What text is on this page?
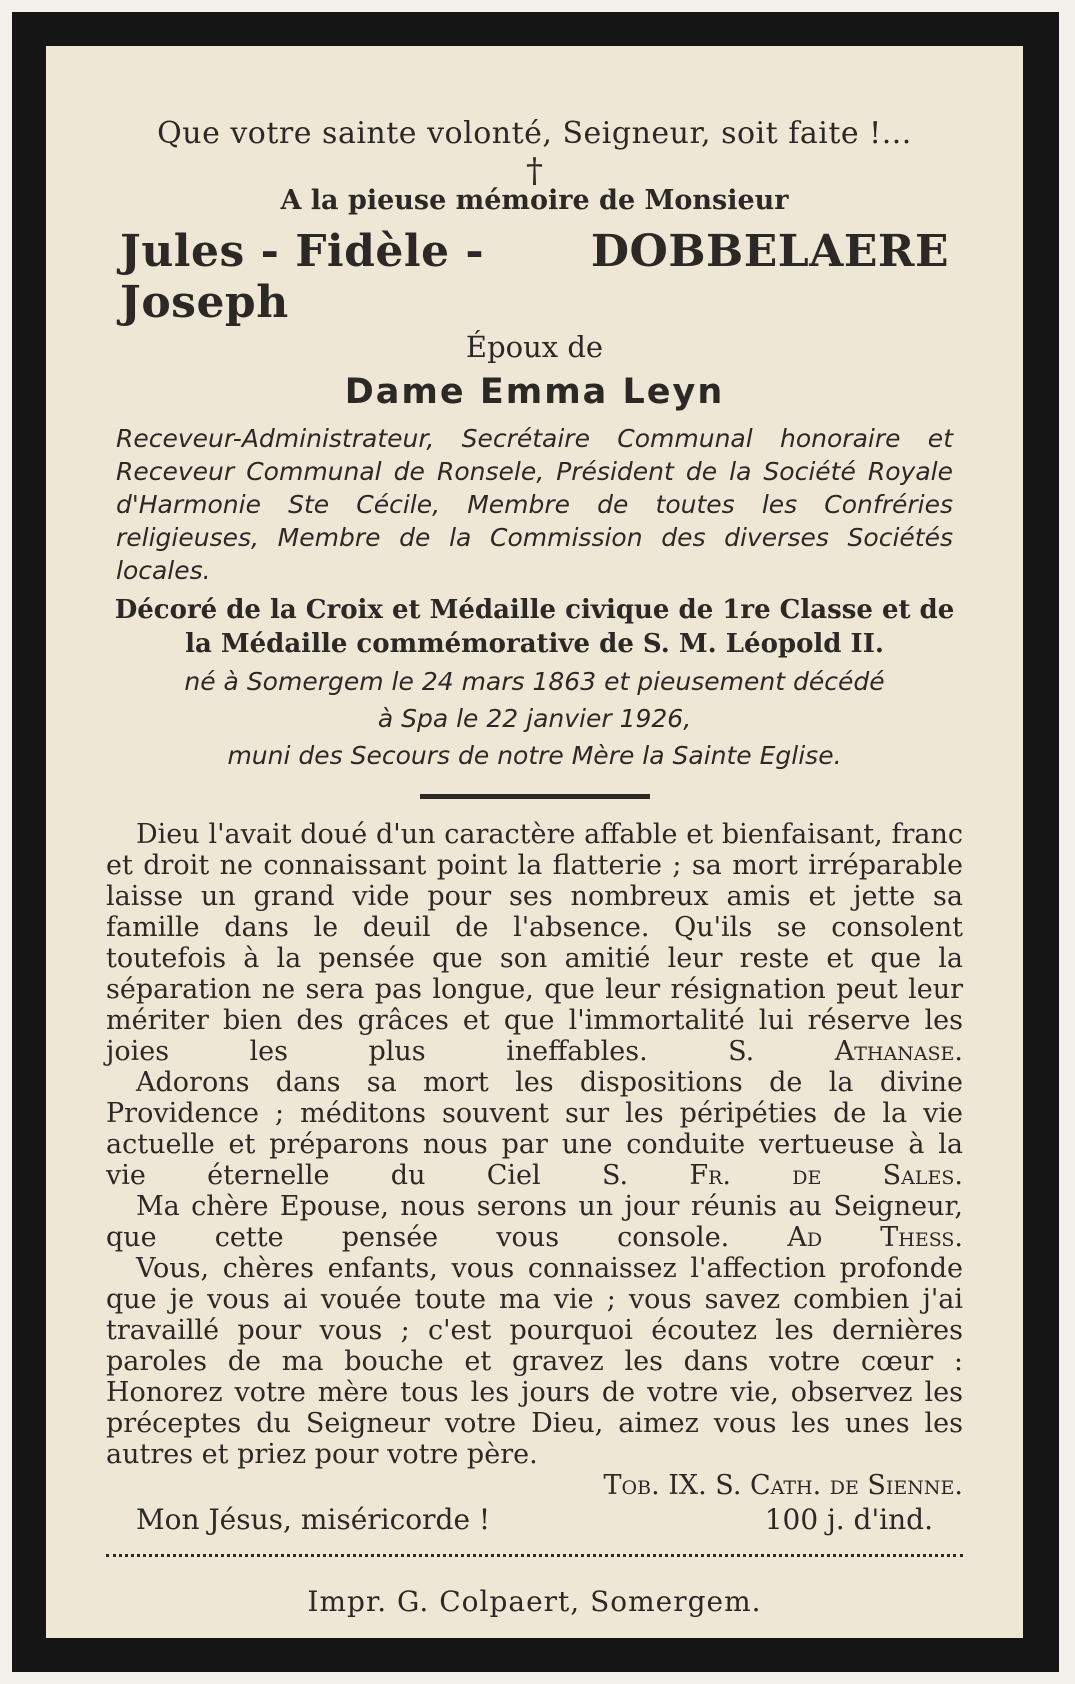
Que votre sainte volonté, Seigneur, soit faite !...

†

A la pieuse mémoire de Monsieur

Jules - Fidèle - Joseph
DOBBELAERE

Époux de

Dame Emma Leyn

Receveur-Administrateur, Secrétaire Communal honoraire et Receveur Communal de Ronsele, Président de la Société Royale d'Harmonie Ste Cécile, Membre de toutes les Confréries religieuses, Membre de la Commission des diverses Sociétés locales.

Décoré de la Croix et Médaille civique de 1re Classe et de la Médaille commémorative de S. M. Léopold II.

né à Somergem le 24 mars 1863 et pieusement décédé

à Spa le 22 janvier 1926,

muni des Secours de notre Mère la Sainte Eglise.

Dieu l'avait doué d'un caractère affable et bienfaisant, franc et droit ne connaissant point la flatterie ; sa mort irréparable laisse un grand vide pour ses nombreux amis et jette sa famille dans le deuil de l'absence. Qu'ils se consolent toutefois à la pensée que son amitié leur reste et que la séparation ne sera pas longue, que leur résignation peut leur mériter bien des grâces et que l'immortalité lui réserve les joies les plus ineffables.	S. Athanase.

Adorons dans sa mort les dispositions de la divine Providence ; méditons souvent sur les péripéties de la vie actuelle et préparons nous par une conduite vertueuse à la vie éternelle du Ciel S. Fr. de Sales.

Ma chère Epouse, nous serons un jour réunis au Seigneur, que cette pensée vous console. Ad Thess.

Vous, chères enfants, vous connaissez l'affection profonde que je vous ai vouée toute ma vie ; vous savez combien j'ai travaillé pour vous ; c'est pourquoi écoutez les dernières paroles de ma bouche et gravez les dans votre cœur : Honorez votre mère tous les jours de votre vie, observez les préceptes du Seigneur votre Dieu, aimez vous les unes les autres et priez pour votre père.

Tob. IX. S. Cath. de Sienne.

Mon Jésus, miséricorde !	100 j. d'ind.

Impr. G. Colpaert, Somergem.
